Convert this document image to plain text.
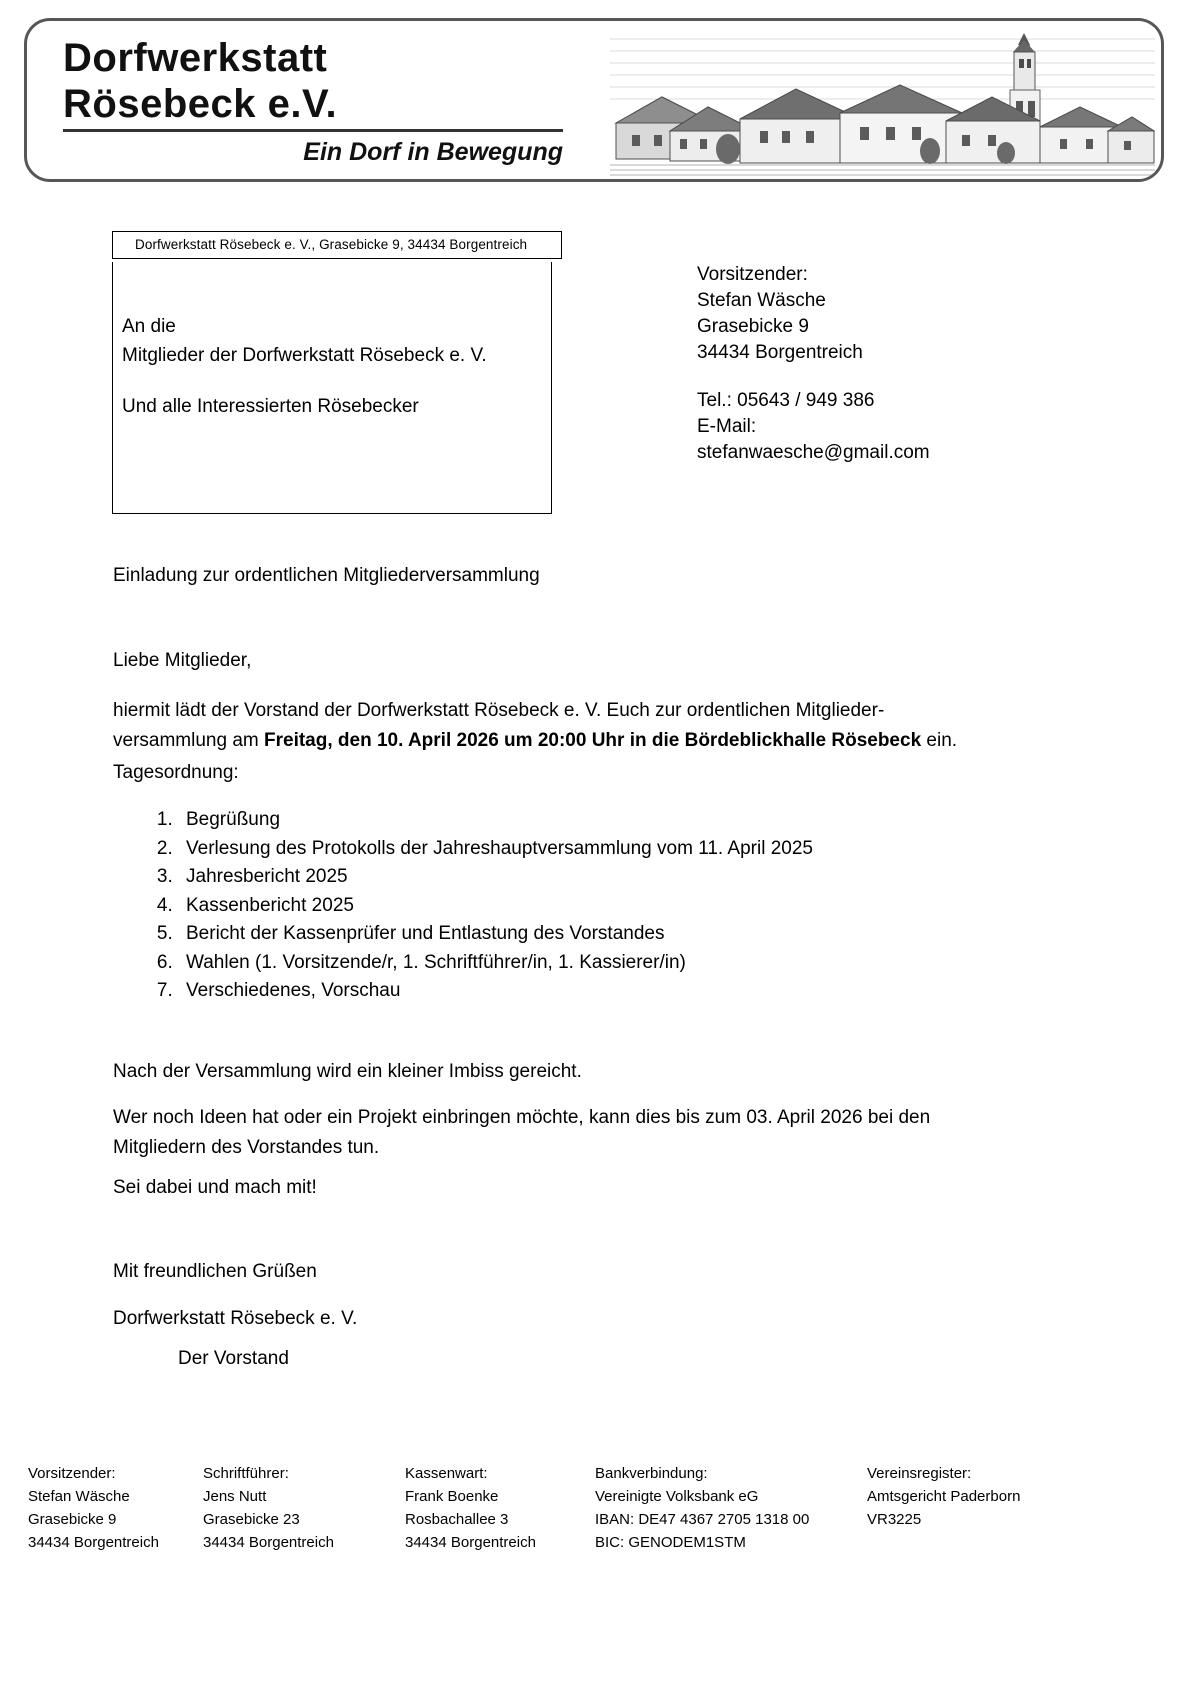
Dorfwerkstatt
Rösebeck e.V.
Ein Dorf in Bewegung
Dorfwerkstatt Rösebeck e. V., Grasebicke 9, 34434 Borgentreich
An die
Mitglieder der Dorfwerkstatt Rösebeck e. V.
Und alle Interessierten Rösebecker
Vorsitzender:
Stefan Wäsche
Grasebicke 9
34434 Borgentreich
Tel.: 05643 / 949 386
E-Mail:
stefanwaesche@gmail.com
Einladung zur ordentlichen Mitgliederversammlung
Liebe Mitglieder,
hiermit lädt der Vorstand der Dorfwerkstatt Rösebeck e. V. Euch zur ordentlichen Mitglieder-versammlung am Freitag, den 10. April 2026 um 20:00 Uhr in die Bördeblickhalle Rösebeck ein.
Tagesordnung:
1. Begrüßung
2. Verlesung des Protokolls der Jahreshauptversammlung vom 11. April 2025
3. Jahresbericht 2025
4. Kassenbericht 2025
5. Bericht der Kassenprüfer und Entlastung des Vorstandes
6. Wahlen (1. Vorsitzende/r, 1. Schriftführer/in, 1. Kassierer/in)
7. Verschiedenes, Vorschau
Nach der Versammlung wird ein kleiner Imbiss gereicht.
Wer noch Ideen hat oder ein Projekt einbringen möchte, kann dies bis zum 03. April 2026 bei den Mitgliedern des Vorstandes tun.
Sei dabei und mach mit!
Mit freundlichen Grüßen
Dorfwerkstatt Rösebeck e. V.
Der Vorstand
Vorsitzender:
Stefan Wäsche
Grasebicke 9
34434 Borgentreich
Schriftführer:
Jens Nutt
Grasebicke 23
34434 Borgentreich
Kassenwart:
Frank Boenke
Rosbachallee 3
34434 Borgentreich
Bankverbindung:
Vereinigte Volksbank eG
IBAN: DE47 4367 2705 1318 00
BIC: GENODEM1STM
Vereinsregister:
Amtsgericht Paderborn
VR3225
